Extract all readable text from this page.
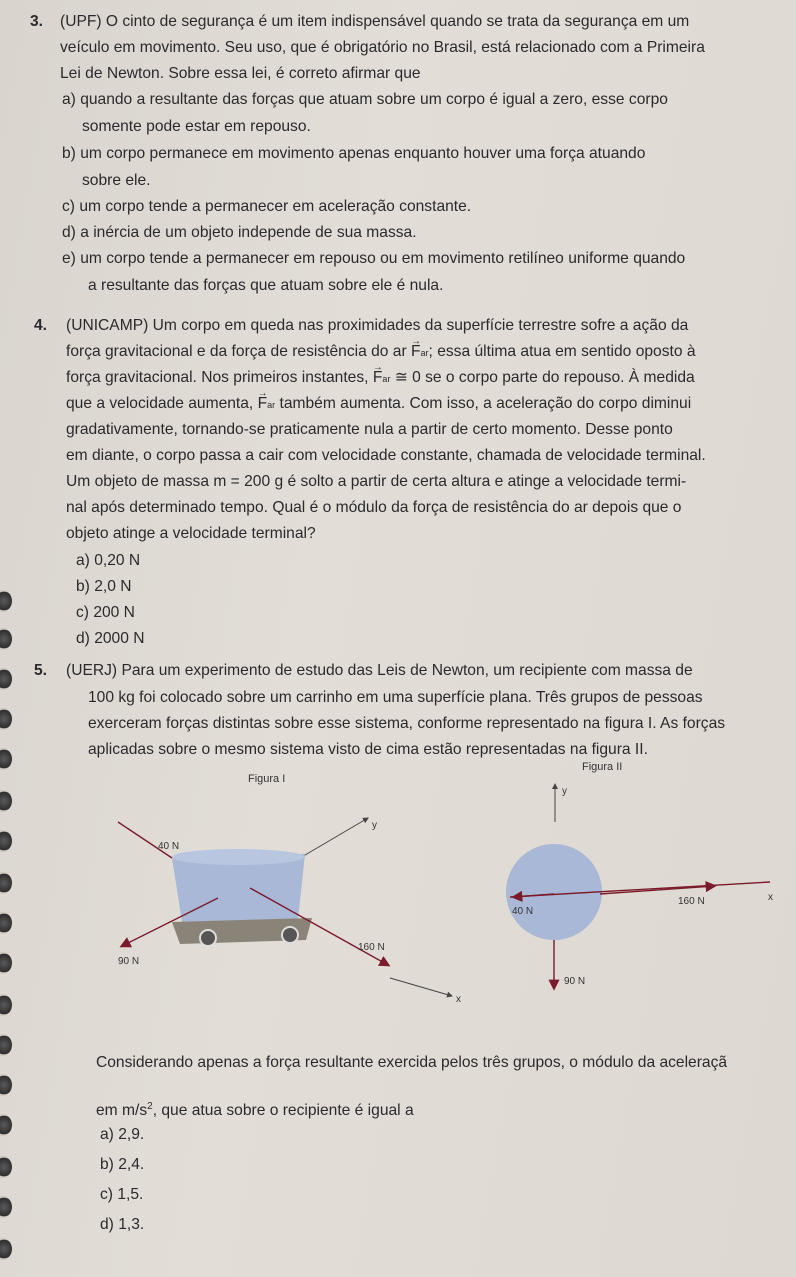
3. (UPF) O cinto de segurança é um item indispensável quando se trata da segurança em um
veículo em movimento. Seu uso, que é obrigatório no Brasil, está relacionado com a Primeira
Lei de Newton. Sobre essa lei, é correto afirmar que
a) quando a resultante das forças que atuam sobre um corpo é igual a zero, esse corpo
somente pode estar em repouso.
b) um corpo permanece em movimento apenas enquanto houver uma força atuando
sobre ele.
c) um corpo tende a permanecer em aceleração constante.
d) a inércia de um objeto independe de sua massa.
e) um corpo tende a permanecer em repouso ou em movimento retilíneo uniforme quando
a resultante das forças que atuam sobre ele é nula.
4. (UNICAMP) Um corpo em queda nas proximidades da superfície terrestre sofre a ação da
força gravitacional e da força de resistência do ar → Far; essa última atua em sentido oposto à
força gravitacional. Nos primeiros instantes, → Far ≅ 0 se o corpo parte do repouso. À medida
que a velocidade aumenta, → Far também aumenta. Com isso, a aceleração do corpo diminui
gradativamente, tornando-se praticamente nula a partir de certo momento. Desse ponto
em diante, o corpo passa a cair com velocidade constante, chamada de velocidade terminal.
Um objeto de massa m = 200 g é solto a partir de certa altura e atinge a velocidade termi-
nal após determinado tempo. Qual é o módulo da força de resistência do ar depois que o
objeto atinge a velocidade terminal?
a) 0,20 N
b) 2,0 N
c) 200 N
d) 2000 N
5. (UERJ) Para um experimento de estudo das Leis de Newton, um recipiente com massa de
100 kg foi colocado sobre um carrinho em uma superfície plana. Três grupos de pessoas
exerceram forças distintas sobre esse sistema, conforme representado na figura I. As forças
aplicadas sobre o mesmo sistema visto de cima estão representadas na figura II.
Figura I
y
40 N
90 N
160 N
x
Figura II
y
160 N	x
40 N
90 N
Considerando apenas a força resultante exercida pelos três grupos, o módulo da aceleraçã
em $m/s^2$, que atua sobre o recipiente é igual a
a) 2,9.
b) 2,4.
c) 1,5.
d) 1,3.
